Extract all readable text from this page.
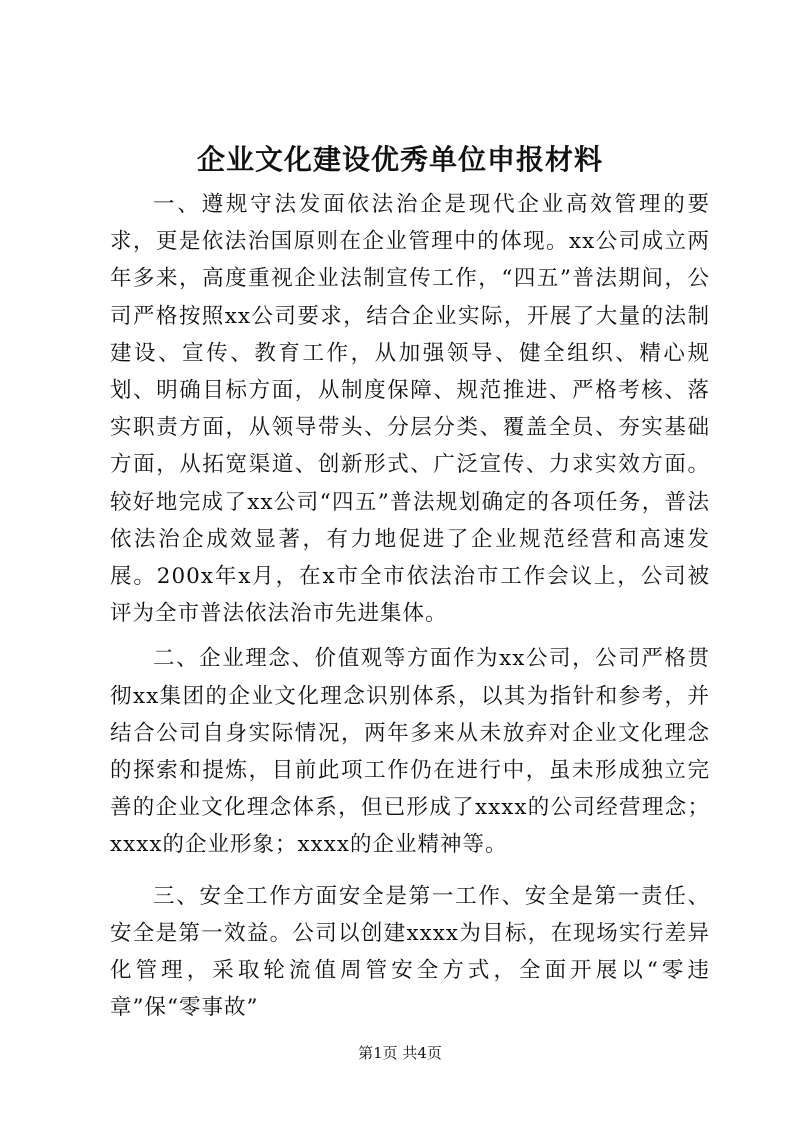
企业文化建设优秀单位申报材料

一、遵规守法发面依法治企是现代企业高效管理的要求，更是依法治国原则在企业管理中的体现。xx公司成立两年多来，高度重视企业法制宣传工作，“四五”普法期间，公司严格按照xx公司要求，结合企业实际，开展了大量的法制建设、宣传、教育工作，从加强领导、健全组织、精心规划、明确目标方面，从制度保障、规范推进、严格考核、落实职责方面，从领导带头、分层分类、覆盖全员、夯实基础方面，从拓宽渠道、创新形式、广泛宣传、力求实效方面。较好地完成了xx公司“四五”普法规划确定的各项任务，普法依法治企成效显著，有力地促进了企业规范经营和高速发展。200x年x月，在x市全市依法治市工作会议上，公司被评为全市普法依法治市先进集体。

二、企业理念、价值观等方面作为xx公司，公司严格贯彻xx集团的企业文化理念识别体系，以其为指针和参考，并结合公司自身实际情况，两年多来从未放弃对企业文化理念的探索和提炼，目前此项工作仍在进行中，虽未形成独立完善的企业文化理念体系，但已形成了xxxx的公司经营理念；xxxx的企业形象；xxxx的企业精神等。

三、安全工作方面安全是第一工作、安全是第一责任、安全是第一效益。公司以创建xxxx为目标，在现场实行差异化管理，采取轮流值周管安全方式，全面开展以“零违章”保“零事故”

第1页 共4页
